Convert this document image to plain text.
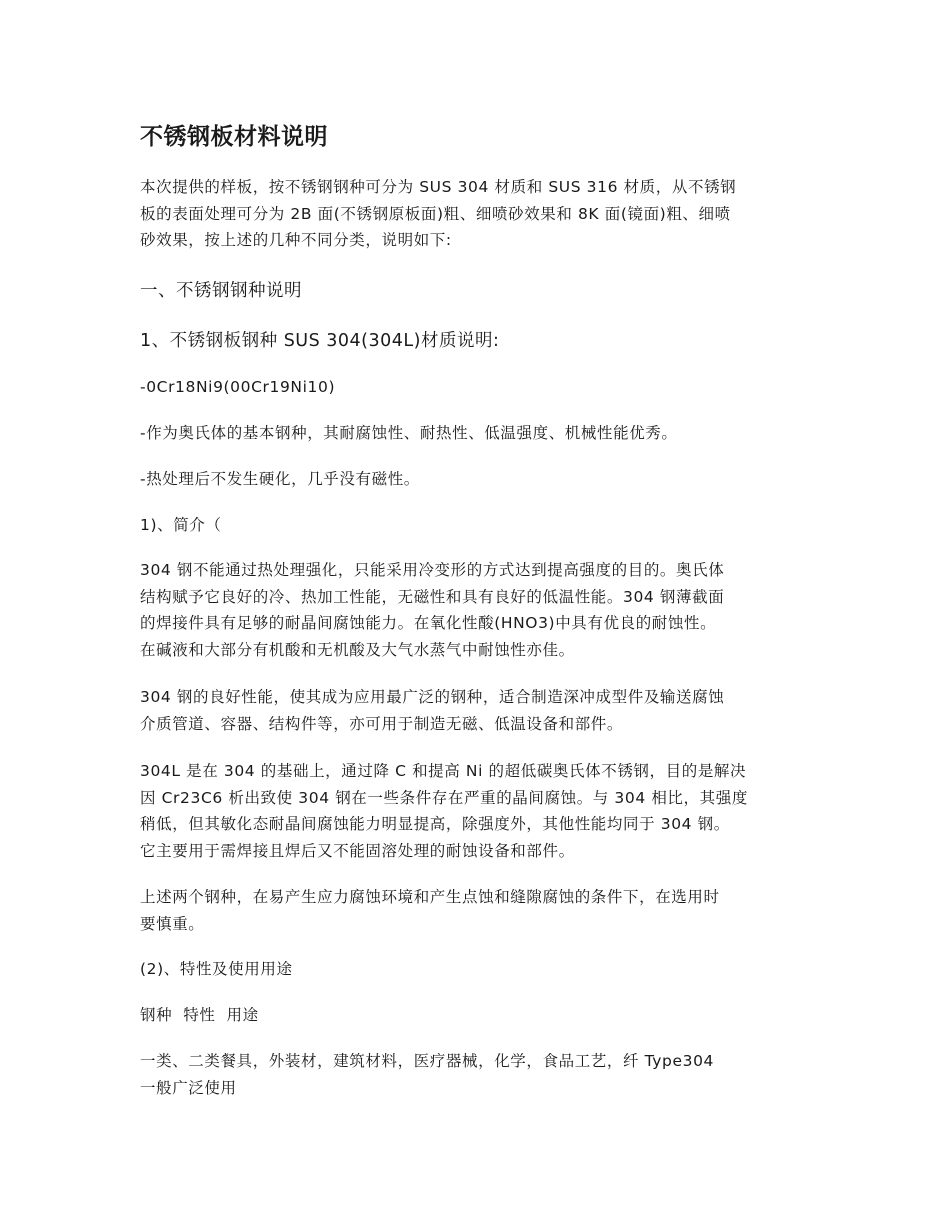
不锈钢板材料说明

本次提供的样板，按不锈钢钢种可分为 SUS 304 材质和 SUS 316 材质，从不锈钢
板的表面处理可分为 2B 面(不锈钢原板面)粗、细喷砂效果和 8K 面(镜面)粗、细喷
砂效果，按上述的几种不同分类，说明如下:

一、不锈钢钢种说明
1、不锈钢板钢种 SUS 304(304L)材质说明:

-0Cr18Ni9(00Cr19Ni10)

-作为奥氏体的基本钢种，其耐腐蚀性、耐热性、低温强度、机械性能优秀。

-热处理后不发生硬化，几乎没有磁性。

1)、简介（

304 钢不能通过热处理强化，只能采用冷变形的方式达到提高强度的目的。奥氏体
结构赋予它良好的冷、热加工性能，无磁性和具有良好的低温性能。304 钢薄截面
的焊接件具有足够的耐晶间腐蚀能力。在氧化性酸(HNO3)中具有优良的耐蚀性。
在碱液和大部分有机酸和无机酸及大气水蒸气中耐蚀性亦佳。

304 钢的良好性能，使其成为应用最广泛的钢种，适合制造深冲成型件及输送腐蚀
介质管道、容器、结构件等，亦可用于制造无磁、低温设备和部件。

304L 是在 304 的基础上，通过降 C 和提高 Ni 的超低碳奥氏体不锈钢，目的是解决
因 Cr23C6 析出致使 304 钢在一些条件存在严重的晶间腐蚀。与 304 相比，其强度
稍低，但其敏化态耐晶间腐蚀能力明显提高，除强度外，其他性能均同于 304 钢。
它主要用于需焊接且焊后又不能固溶处理的耐蚀设备和部件。

上述两个钢种，在易产生应力腐蚀环境和产生点蚀和缝隙腐蚀的条件下，在选用时
要慎重。

(2)、特性及使用用途

钢种  特性  用途

一类、二类餐具，外装材，建筑材料，医疗器械，化学，食品工艺，纤 Type304
一般广泛使用
